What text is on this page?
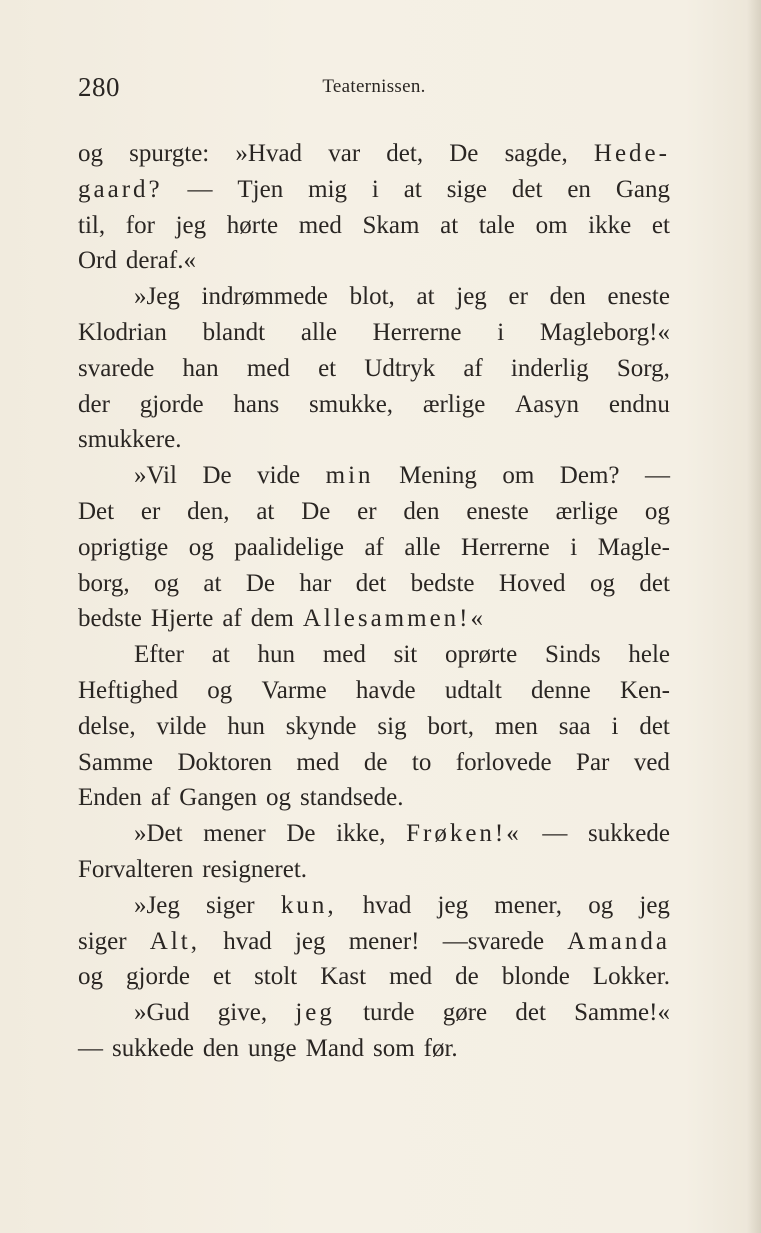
280	Teaternissen.
og spurgte: »Hvad var det, De sagde, Hede-
gaard? — Tjen mig i at sige det en Gang
til, for jeg hørte med Skam at tale om ikke et
Ord deraf.«
»Jeg indrømmede blot, at jeg er den eneste
Klodrian blandt alle Herrerne i Magleborg!«
svarede han med et Udtryk af inderlig Sorg,
der gjorde hans smukke, ærlige Aasyn endnu
smukkere.
»Vil De vide min Mening om Dem? —
Det er den, at De er den eneste ærlige og
oprigtige og paalidelige af alle Herrerne i Magle-
borg, og at De har det bedste Hoved og det
bedste Hjerte af dem Allesammen!«
Efter at hun med sit oprørte Sinds hele
Heftighed og Varme havde udtalt denne Ken-
delse, vilde hun skynde sig bort, men saa i det
Samme Doktoren med de to forlovede Par ved
Enden af Gangen og standsede.
»Det mener De ikke, Frøken!« — sukkede
Forvalteren resigneret.
»Jeg siger kun, hvad jeg mener, og jeg
siger Alt, hvad jeg mener! —svarede Amanda
og gjorde et stolt Kast med de blonde Lokker.
»Gud give, jeg turde gøre det Samme!«
— sukkede den unge Mand som før.
